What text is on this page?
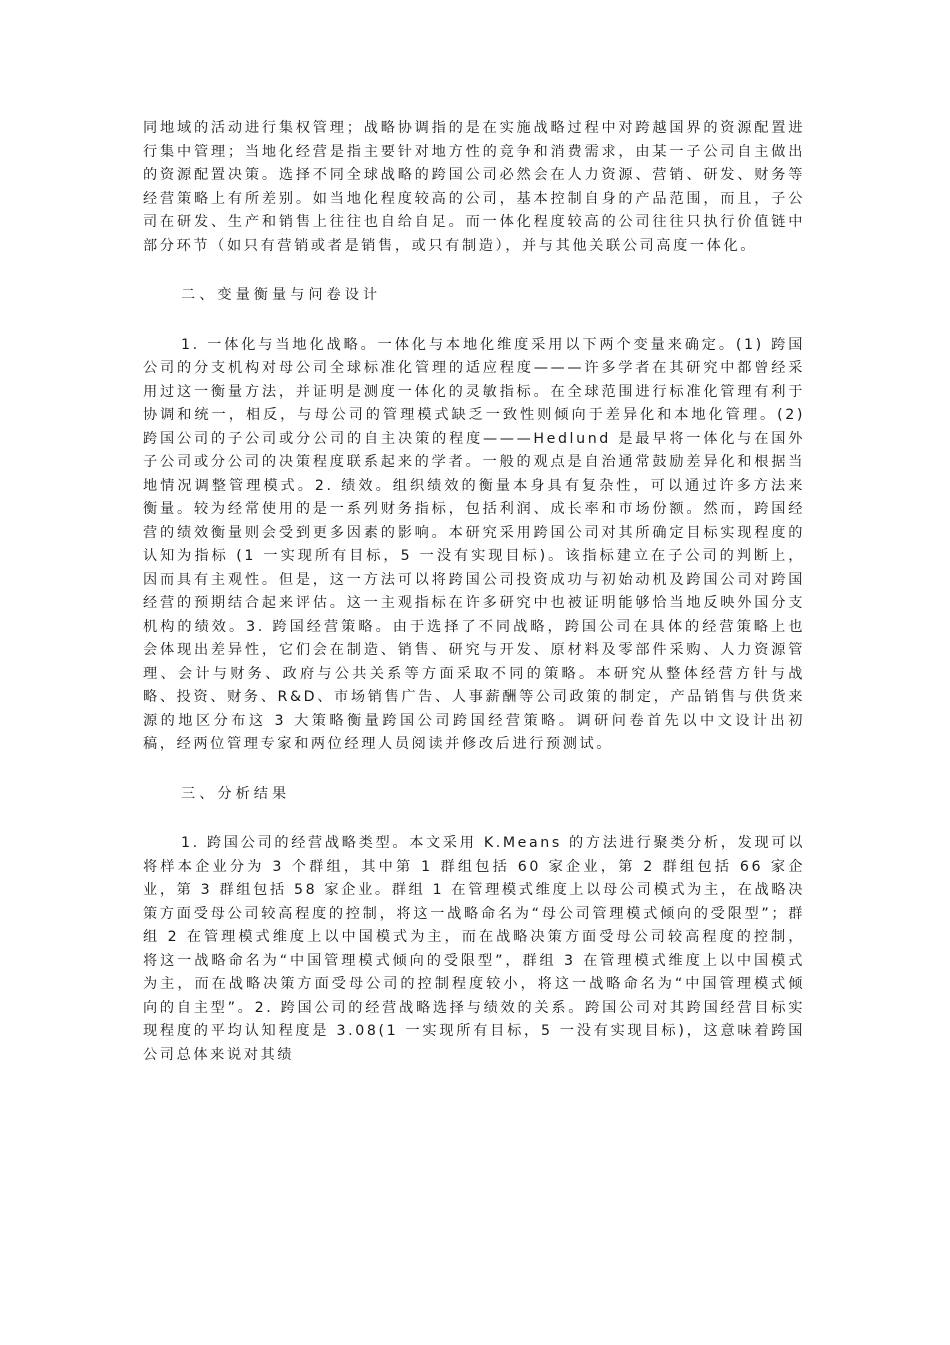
同地域的活动进行集权管理；战略协调指的是在实施战略过程中对跨越国界的资源配置进行集中管理；当地化经营是指主要针对地方性的竞争和消费需求，由某一子公司自主做出的资源配置决策。选择不同全球战略的跨国公司必然会在人力资源、营销、研发、财务等经营策略上有所差别。如当地化程度较高的公司，基本控制自身的产品范围，而且，子公司在研发、生产和销售上往往也自给自足。而一体化程度较高的公司往往只执行价值链中部分环节（如只有营销或者是销售，或只有制造），并与其他关联公司高度一体化。

二、变量衡量与问卷设计

1. 一体化与当地化战略。一体化与本地化维度采用以下两个变量来确定。(1) 跨国公司的分支机构对母公司全球标准化管理的适应程度———许多学者在其研究中都曾经采用过这一衡量方法，并证明是测度一体化的灵敏指标。在全球范围进行标准化管理有利于协调和统一，相反，与母公司的管理模式缺乏一致性则倾向于差异化和本地化管理。(2) 跨国公司的子公司或分公司的自主决策的程度———Hedlund 是最早将一体化与在国外子公司或分公司的决策程度联系起来的学者。一般的观点是自治通常鼓励差异化和根据当地情况调整管理模式。2. 绩效。组织绩效的衡量本身具有复杂性，可以通过许多方法来衡量。较为经常使用的是一系列财务指标，包括利润、成长率和市场份额。然而，跨国经营的绩效衡量则会受到更多因素的影响。本研究采用跨国公司对其所确定目标实现程度的认知为指标 (1 一实现所有目标，5 一没有实现目标)。该指标建立在子公司的判断上，因而具有主观性。但是，这一方法可以将跨国公司投资成功与初始动机及跨国公司对跨国经营的预期结合起来评估。这一主观指标在许多研究中也被证明能够恰当地反映外国分支机构的绩效。3. 跨国经营策略。由于选择了不同战略，跨国公司在具体的经营策略上也会体现出差异性，它们会在制造、销售、研究与开发、原材料及零部件采购、人力资源管理、会计与财务、政府与公共关系等方面采取不同的策略。本研究从整体经营方针与战略、投资、财务、R&D、市场销售广告、人事薪酬等公司政策的制定，产品销售与供货来源的地区分布这 3 大策略衡量跨国公司跨国经营策略。调研问卷首先以中文设计出初稿，经两位管理专家和两位经理人员阅读并修改后进行预测试。

三、分析结果

1. 跨国公司的经营战略类型。本文采用 K.Means 的方法进行聚类分析，发现可以将样本企业分为 3 个群组，其中第 1 群组包括 60 家企业，第 2 群组包括 66 家企业，第 3 群组包括 58 家企业。群组 1 在管理模式维度上以母公司模式为主，在战略决策方面受母公司较高程度的控制，将这一战略命名为“母公司管理模式倾向的受限型”；群组 2 在管理模式维度上以中国模式为主，而在战略决策方面受母公司较高程度的控制，将这一战略命名为“中国管理模式倾向的受限型”，群组 3 在管理模式维度上以中国模式为主，而在战略决策方面受母公司的控制程度较小，将这一战略命名为“中国管理模式倾向的自主型”。2. 跨国公司的经营战略选择与绩效的关系。跨国公司对其跨国经营目标实现程度的平均认知程度是 3.08(1 一实现所有目标，5 一没有实现目标)，这意味着跨国公司总体来说对其绩
